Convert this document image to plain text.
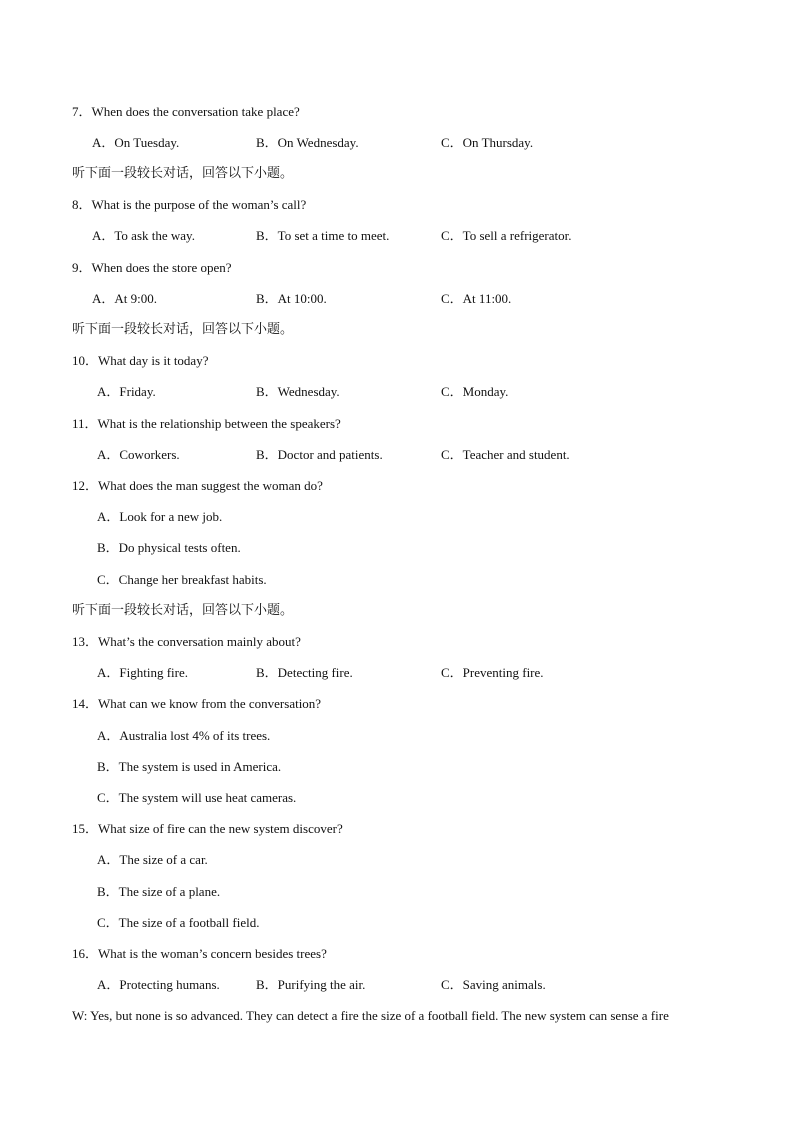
7．When does the conversation take place?
A．On Tuesday.	B．On Wednesday.	C．On Thursday.
听下面一段较长对话，回答以下小题。
8．What is the purpose of the woman’s call?
A．To ask the way.	B．To set a time to meet.	C．To sell a refrigerator.
9．When does the store open?
A．At 9:00.	B．At 10:00.	C．At 11:00.
听下面一段较长对话，回答以下小题。
10．What day is it today?
A．Friday.	B．Wednesday.	C．Monday.
11．What is the relationship between the speakers?
A．Coworkers.	B．Doctor and patients.	C．Teacher and student.
12．What does the man suggest the woman do?
A．Look for a new job.
B．Do physical tests often.
C．Change her breakfast habits.
听下面一段较长对话，回答以下小题。
13．What’s the conversation mainly about?
A．Fighting fire.	B．Detecting fire.	C．Preventing fire.
14．What can we know from the conversation?
A．Australia lost 4% of its trees.
B．The system is used in America.
C．The system will use heat cameras.
15．What size of fire can the new system discover?
A．The size of a car.
B．The size of a plane.
C．The size of a football field.
16．What is the woman’s concern besides trees?
A．Protecting humans.	B．Purifying the air.	C．Saving animals.
W: Yes, but none is so advanced. They can detect a fire the size of a football field. The new system can sense a fire
